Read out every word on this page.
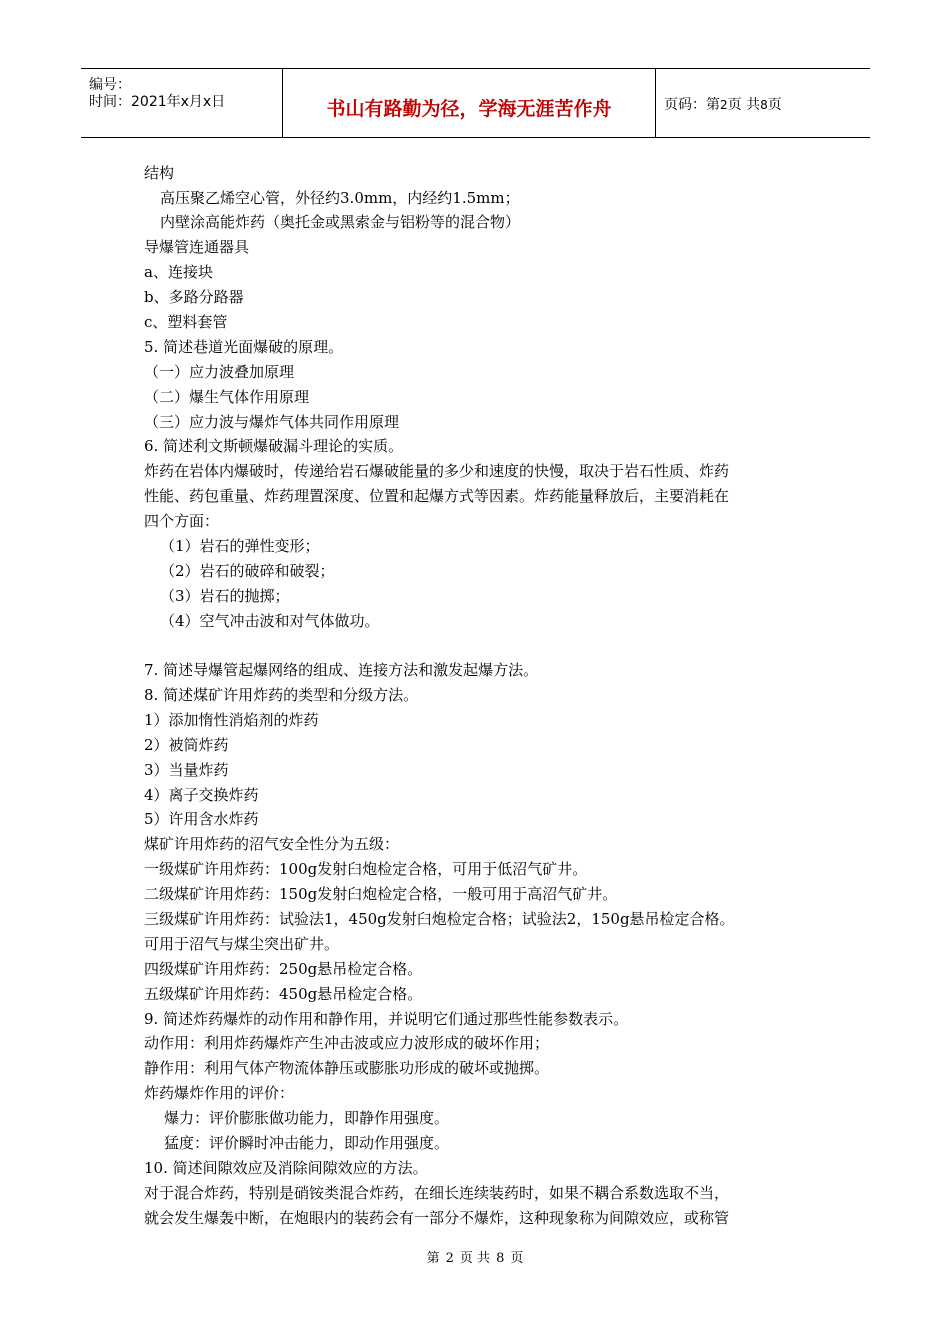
编号：
时间：2021年x月x日	书山有路勤为径，学海无涯苦作舟	页码：第2页 共8页
结构
高压聚乙烯空心管，外径约3.0mm，内经约1.5mm；
内壁涂高能炸药（奥托金或黑索金与铝粉等的混合物）
导爆管连通器具
a、连接块
b、多路分路器
c、塑料套管
5. 简述巷道光面爆破的原理。
（一）应力波叠加原理
（二）爆生气体作用原理
（三）应力波与爆炸气体共同作用原理
6. 简述利文斯顿爆破漏斗理论的实质。
炸药在岩体内爆破时，传递给岩石爆破能量的多少和速度的快慢，取决于岩石性质、炸药
性能、药包重量、炸药理置深度、位置和起爆方式等因素。炸药能量释放后，主要消耗在
四个方面：
（1）岩石的弹性变形；
（2）岩石的破碎和破裂；
（3）岩石的抛掷；
（4）空气冲击波和对气体做功。
7. 简述导爆管起爆网络的组成、连接方法和激发起爆方法。
8. 简述煤矿许用炸药的类型和分级方法。
1）添加惰性消焰剂的炸药
2）被筒炸药
3）当量炸药
4）离子交换炸药
5）许用含水炸药
煤矿许用炸药的沼气安全性分为五级：
一级煤矿许用炸药：100g发射臼炮检定合格，可用于低沼气矿井。
二级煤矿许用炸药：150g发射臼炮检定合格，一般可用于高沼气矿井。
三级煤矿许用炸药：试验法1，450g发射臼炮检定合格；试验法2，150g悬吊检定合格。
可用于沼气与煤尘突出矿井。
四级煤矿许用炸药：250g悬吊检定合格。
五级煤矿许用炸药：450g悬吊检定合格。
9. 简述炸药爆炸的动作用和静作用，并说明它们通过那些性能参数表示。
动作用：利用炸药爆炸产生冲击波或应力波形成的破坏作用；
静作用：利用气体产物流体静压或膨胀功形成的破坏或抛掷。
炸药爆炸作用的评价：
爆力：评价膨胀做功能力，即静作用强度。
猛度：评价瞬时冲击能力，即动作用强度。
10. 简述间隙效应及消除间隙效应的方法。
对于混合炸药，特别是硝铵类混合炸药，在细长连续装药时，如果不耦合系数选取不当，
就会发生爆轰中断，在炮眼内的装药会有一部分不爆炸，这种现象称为间隙效应，或称管
第 2 页 共 8 页
